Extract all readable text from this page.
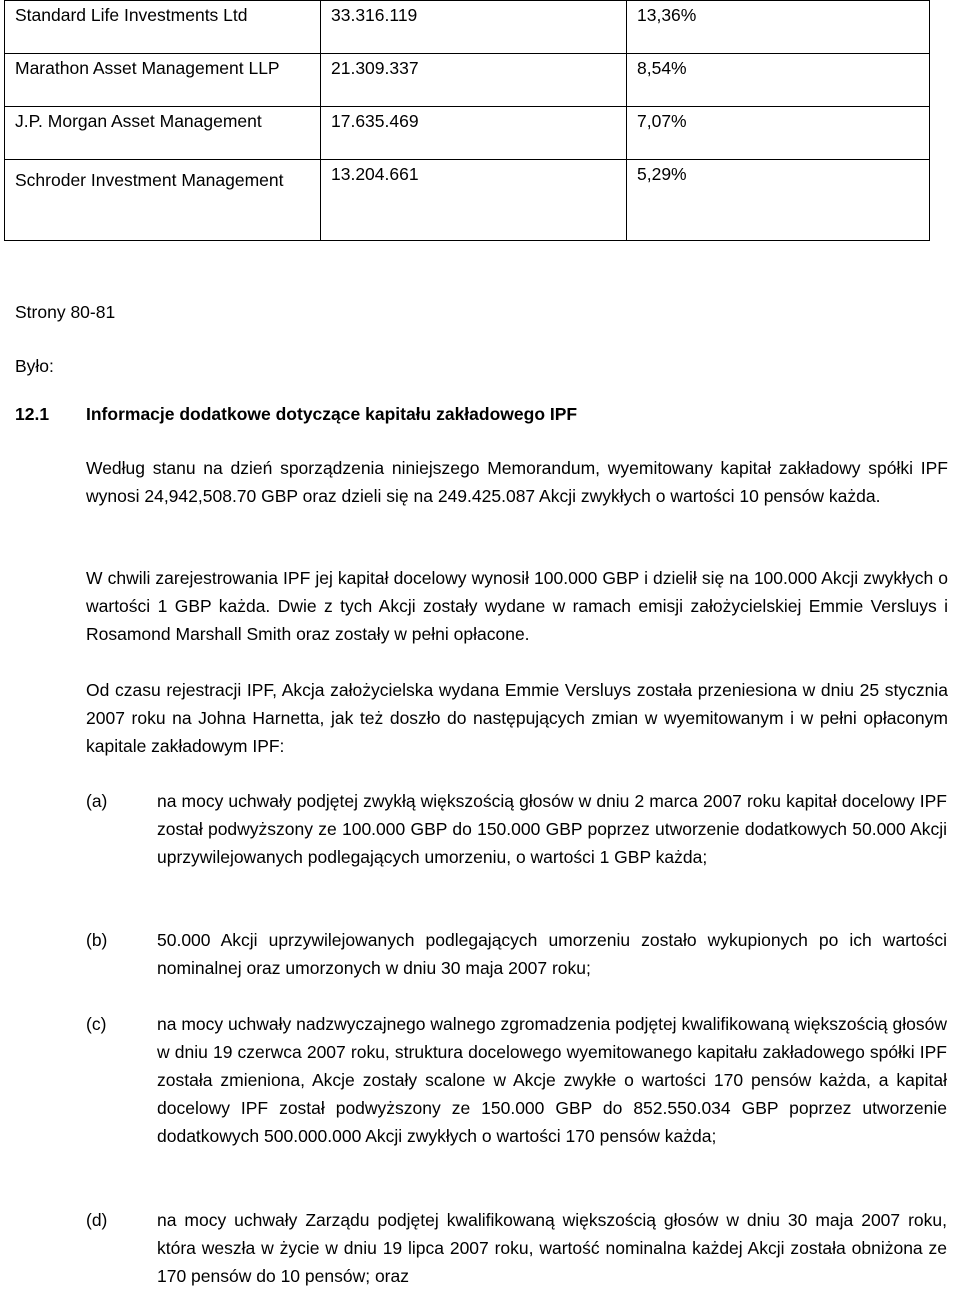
Standard Life Investments Ltd	33.316.119	13,36%
Marathon Asset Management LLP	21.309.337	8,54%
J.P. Morgan Asset Management	17.635.469	7,07%
Schroder Investment Management	13.204.661	5,29%
Strony 80-81
Było:
12.1 Informacje dodatkowe dotyczące kapitału zakładowego IPF
Według stanu na dzień sporządzenia niniejszego Memorandum, wyemitowany kapitał zakładowy spółki IPF wynosi 24,942,508.70 GBP oraz dzieli się na 249.425.087 Akcji zwykłych o wartości 10 pensów każda.
W chwili zarejestrowania IPF jej kapitał docelowy wynosił 100.000 GBP i dzielił się na 100.000 Akcji zwykłych o wartości 1 GBP każda. Dwie z tych Akcji zostały wydane w ramach emisji założycielskiej Emmie Versluys i Rosamond Marshall Smith oraz zostały w pełni opłacone.
Od czasu rejestracji IPF, Akcja założycielska wydana Emmie Versluys została przeniesiona w dniu 25 stycznia 2007 roku na Johna Harnetta, jak też doszło do następujących zmian w wyemitowanym i w pełni opłaconym kapitale zakładowym IPF:
(a)	na mocy uchwały podjętej zwykłą większością głosów w dniu 2 marca 2007 roku kapitał docelowy IPF został podwyższony ze 100.000 GBP do 150.000 GBP poprzez utworzenie dodatkowych 50.000 Akcji uprzywilejowanych podlegających umorzeniu, o wartości 1 GBP każda;
(b)	50.000 Akcji uprzywilejowanych podlegających umorzeniu zostało wykupionych po ich wartości nominalnej oraz umorzonych w dniu 30 maja 2007 roku;
(c)	na mocy uchwały nadzwyczajnego walnego zgromadzenia podjętej kwalifikowaną większością głosów w dniu 19 czerwca 2007 roku, struktura docelowego wyemitowanego kapitału zakładowego spółki IPF została zmieniona, Akcje zostały scalone w Akcje zwykłe o wartości 170 pensów każda, a kapitał docelowy IPF został podwyższony ze 150.000 GBP do 852.550.034 GBP poprzez utworzenie dodatkowych 500.000.000 Akcji zwykłych o wartości 170 pensów każda;
(d)	na mocy uchwały Zarządu podjętej kwalifikowaną większością głosów w dniu 30 maja 2007 roku, która weszła w życie w dniu 19 lipca 2007 roku, wartość nominalna każdej Akcji została obniżona ze 170 pensów do 10 pensów; oraz
